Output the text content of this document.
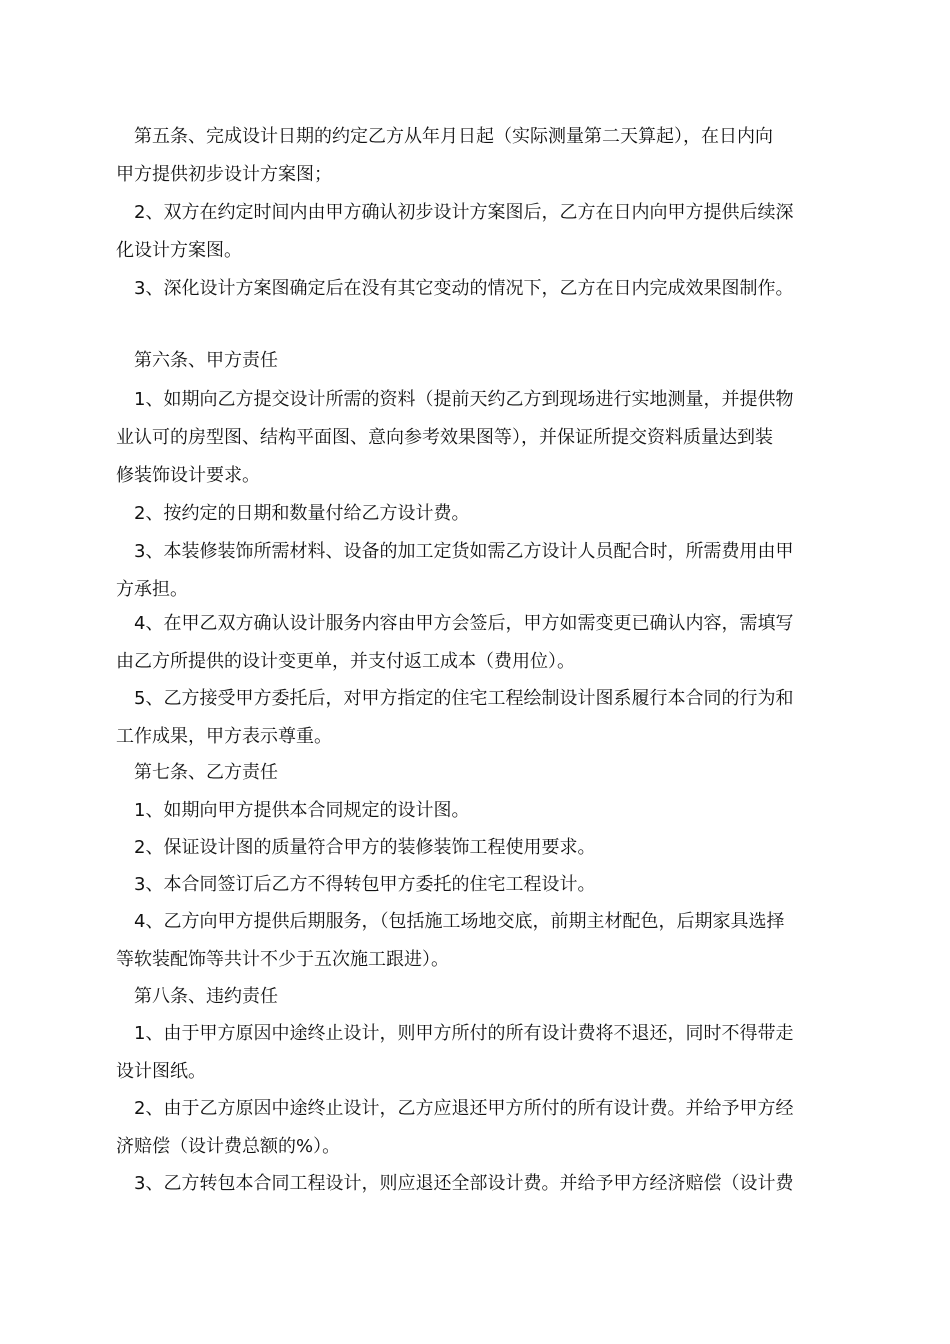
第五条、完成设计日期的约定乙方从年月日起（实际测量第二天算起），在日内向
甲方提供初步设计方案图；
2、双方在约定时间内由甲方确认初步设计方案图后，乙方在日内向甲方提供后续深
化设计方案图。
3、深化设计方案图确定后在没有其它变动的情况下，乙方在日内完成效果图制作。
第六条、甲方责任
1、如期向乙方提交设计所需的资料（提前天约乙方到现场进行实地测量，并提供物
业认可的房型图、结构平面图、意向参考效果图等），并保证所提交资料质量达到装
修装饰设计要求。
2、按约定的日期和数量付给乙方设计费。
3、本装修装饰所需材料、设备的加工定货如需乙方设计人员配合时，所需费用由甲
方承担。
4、在甲乙双方确认设计服务内容由甲方会签后，甲方如需变更已确认内容，需填写
由乙方所提供的设计变更单，并支付返工成本（费用位）。
5、乙方接受甲方委托后，对甲方指定的住宅工程绘制设计图系履行本合同的行为和
工作成果，甲方表示尊重。
第七条、乙方责任
1、如期向甲方提供本合同规定的设计图。
2、保证设计图的质量符合甲方的装修装饰工程使用要求。
3、本合同签订后乙方不得转包甲方委托的住宅工程设计。
4、乙方向甲方提供后期服务，（包括施工场地交底，前期主材配色，后期家具选择
等软装配饰等共计不少于五次施工跟进）。
第八条、违约责任
1、由于甲方原因中途终止设计，则甲方所付的所有设计费将不退还，同时不得带走
设计图纸。
2、由于乙方原因中途终止设计，乙方应退还甲方所付的所有设计费。并给予甲方经
济赔偿（设计费总额的%）。
3、乙方转包本合同工程设计，则应退还全部设计费。并给予甲方经济赔偿（设计费
